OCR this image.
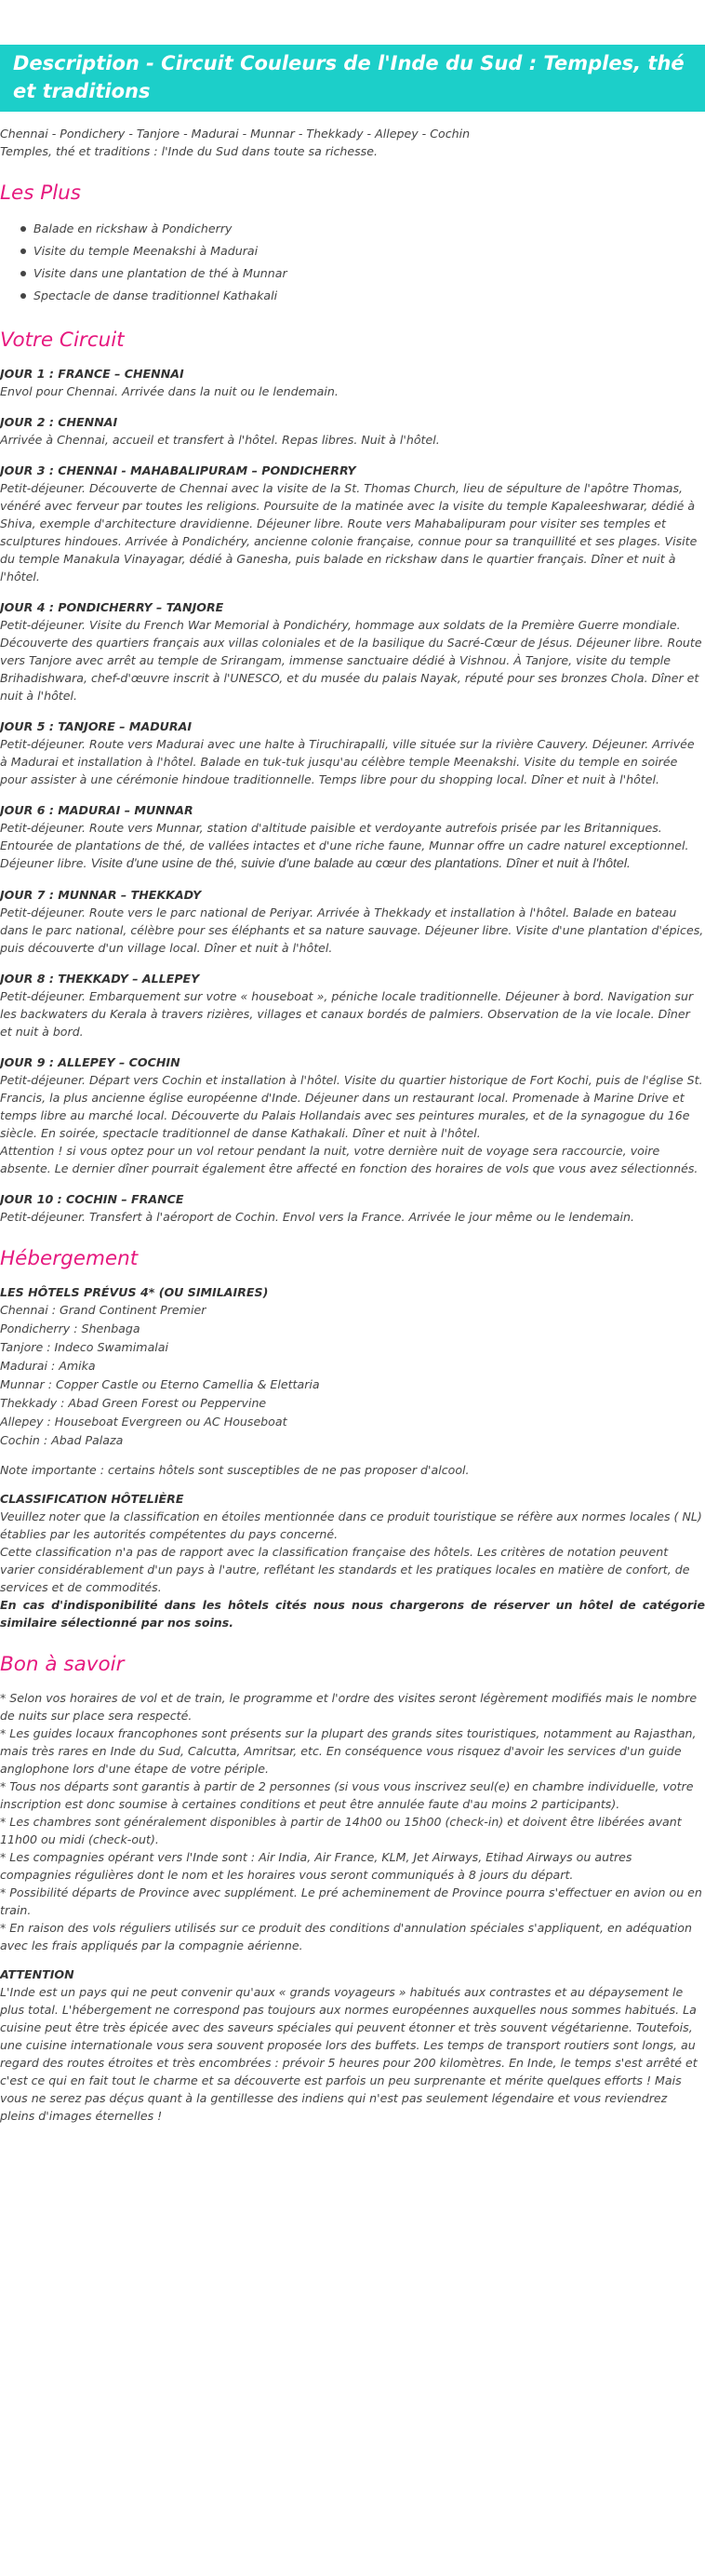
Description - Circuit Couleurs de l'Inde du Sud : Temples, thé et traditions

Chennai - Pondichery - Tanjore - Madurai - Munnar - Thekkady - Allepey - Cochin

Temples, thé et traditions : l'Inde du Sud dans toute sa richesse.

Les Plus
Balade en rickshaw à Pondicherry
Visite du temple Meenakshi à Madurai
Visite dans une plantation de thé à Munnar
Spectacle de danse traditionnel Kathakali
Votre Circuit

JOUR 1 : FRANCE – CHENNAI

Envol pour Chennai. Arrivée dans la nuit ou le lendemain.

JOUR 2 : CHENNAI

Arrivée à Chennai, accueil et transfert à l'hôtel. Repas libres. Nuit à l'hôtel.

JOUR 3 : CHENNAI - MAHABALIPURAM – PONDICHERRY

Petit-déjeuner. Découverte de Chennai avec la visite de la St. Thomas Church, lieu de sépulture de l'apôtre Thomas, vénéré avec ferveur par toutes les religions. Poursuite de la matinée avec la visite du temple Kapaleeshwarar, dédié à Shiva, exemple d'architecture dravidienne. Déjeuner libre. Route vers Mahabalipuram pour visiter ses temples et sculptures hindoues. Arrivée à Pondichéry, ancienne colonie française, connue pour sa tranquillité et ses plages. Visite du temple Manakula Vinayagar, dédié à Ganesha, puis balade en rickshaw dans le quartier français. Dîner et nuit à l'hôtel.

JOUR 4 : PONDICHERRY – TANJORE

Petit-déjeuner. Visite du French War Memorial à Pondichéry, hommage aux soldats de la Première Guerre mondiale. Découverte des quartiers français aux villas coloniales et de la basilique du Sacré-Cœur de Jésus. Déjeuner libre. Route vers Tanjore avec arrêt au temple de Srirangam, immense sanctuaire dédié à Vishnou. À Tanjore, visite du temple Brihadishwara, chef-d'œuvre inscrit à l'UNESCO, et du musée du palais Nayak, réputé pour ses bronzes Chola. Dîner et nuit à l'hôtel.

JOUR 5 : TANJORE – MADURAI

Petit-déjeuner. Route vers Madurai avec une halte à Tiruchirapalli, ville située sur la rivière Cauvery. Déjeuner. Arrivée à Madurai et installation à l'hôtel. Balade en tuk-tuk jusqu'au célèbre temple Meenakshi. Visite du temple en soirée pour assister à une cérémonie hindoue traditionnelle. Temps libre pour du shopping local. Dîner et nuit à l'hôtel.

JOUR 6 : MADURAI – MUNNAR

Petit-déjeuner. Route vers Munnar, station d'altitude paisible et verdoyante autrefois prisée par les Britanniques. Entourée de plantations de thé, de vallées intactes et d'une riche faune, Munnar offre un cadre naturel exceptionnel. Déjeuner libre. Visite d'une usine de thé, suivie d'une balade au cœur des plantations. Dîner et nuit à l'hôtel.

JOUR 7 : MUNNAR – THEKKADY

Petit-déjeuner. Route vers le parc national de Periyar. Arrivée à Thekkady et installation à l'hôtel. Balade en bateau dans le parc national, célèbre pour ses éléphants et sa nature sauvage. Déjeuner libre. Visite d'une plantation d'épices, puis découverte d'un village local. Dîner et nuit à l'hôtel.

JOUR 8 : THEKKADY – ALLEPEY

Petit-déjeuner. Embarquement sur votre « houseboat », péniche locale traditionnelle. Déjeuner à bord. Navigation sur les backwaters du Kerala à travers rizières, villages et canaux bordés de palmiers. Observation de la vie locale. Dîner et nuit à bord.

JOUR 9 : ALLEPEY – COCHIN

Petit-déjeuner. Départ vers Cochin et installation à l'hôtel. Visite du quartier historique de Fort Kochi, puis de l'église St. Francis, la plus ancienne église européenne d'Inde. Déjeuner dans un restaurant local. Promenade à Marine Drive et temps libre au marché local. Découverte du Palais Hollandais avec ses peintures murales, et de la synagogue du 16e siècle. En soirée, spectacle traditionnel de danse Kathakali. Dîner et nuit à l'hôtel.

Attention ! si vous optez pour un vol retour pendant la nuit, votre dernière nuit de voyage sera raccourcie, voire absente. Le dernier dîner pourrait également être affecté en fonction des horaires de vols que vous avez sélectionnés.

JOUR 10 : COCHIN – FRANCE

Petit-déjeuner. Transfert à l'aéroport de Cochin. Envol vers la France. Arrivée le jour même ou le lendemain.

Hébergement

LES HÔTELS PRÉVUS 4* (OU SIMILAIRES)

Chennai : Grand Continent Premier

Pondicherry : Shenbaga

Tanjore : Indeco Swamimalai

Madurai : Amika

Munnar : Copper Castle ou Eterno Camellia & Elettaria

Thekkady : Abad Green Forest ou Peppervine

Allepey : Houseboat Evergreen ou AC Houseboat

Cochin : Abad Palaza

Note importante : certains hôtels sont susceptibles de ne pas proposer d'alcool.

CLASSIFICATION HÔTELIÈRE

Veuillez noter que la classification en étoiles mentionnée dans ce produit touristique se réfère aux normes locales ( NL) établies par les autorités compétentes du pays concerné.

Cette classification n'a pas de rapport avec la classification française des hôtels. Les critères de notation peuvent varier considérablement d'un pays à l'autre, reflétant les standards et les pratiques locales en matière de confort, de services et de commodités.

En cas d'indisponibilité dans les hôtels cités nous nous chargerons de réserver un hôtel de catégorie similaire sélectionné par nos soins.

Bon à savoir

* Selon vos horaires de vol et de train, le programme et l'ordre des visites seront légèrement modifiés mais le nombre de nuits sur place sera respecté.

* Les guides locaux francophones sont présents sur la plupart des grands sites touristiques, notamment au Rajasthan, mais très rares en Inde du Sud, Calcutta, Amritsar, etc. En conséquence vous risquez d'avoir les services d'un guide anglophone lors d'une étape de votre périple.

* Tous nos départs sont garantis à partir de 2 personnes (si vous vous inscrivez seul(e) en chambre individuelle, votre inscription est donc soumise à certaines conditions et peut être annulée faute d'au moins 2 participants).

* Les chambres sont généralement disponibles à partir de 14h00 ou 15h00 (check-in) et doivent être libérées avant 11h00 ou midi (check-out).

* Les compagnies opérant vers l'Inde sont : Air India, Air France, KLM, Jet Airways, Etihad Airways ou autres compagnies régulières dont le nom et les horaires vous seront communiqués à 8 jours du départ.

* Possibilité départs de Province avec supplément. Le pré acheminement de Province pourra s'effectuer en avion ou en train.

* En raison des vols réguliers utilisés sur ce produit des conditions d'annulation spéciales s'appliquent, en adéquation avec les frais appliqués par la compagnie aérienne.

ATTENTION

L'Inde est un pays qui ne peut convenir qu'aux « grands voyageurs » habitués aux contrastes et au dépaysement le plus total. L'hébergement ne correspond pas toujours aux normes européennes auxquelles nous sommes habitués. La cuisine peut être très épicée avec des saveurs spéciales qui peuvent étonner et très souvent végétarienne. Toutefois, une cuisine internationale vous sera souvent proposée lors des buffets. Les temps de transport routiers sont longs, au regard des routes étroites et très encombrées : prévoir 5 heures pour 200 kilomètres. En Inde, le temps s'est arrêté et c'est ce qui en fait tout le charme et sa découverte est parfois un peu surprenante et mérite quelques efforts ! Mais vous ne serez pas déçus quant à la gentillesse des indiens qui n'est pas seulement légendaire et vous reviendrez pleins d'images éternelles !
